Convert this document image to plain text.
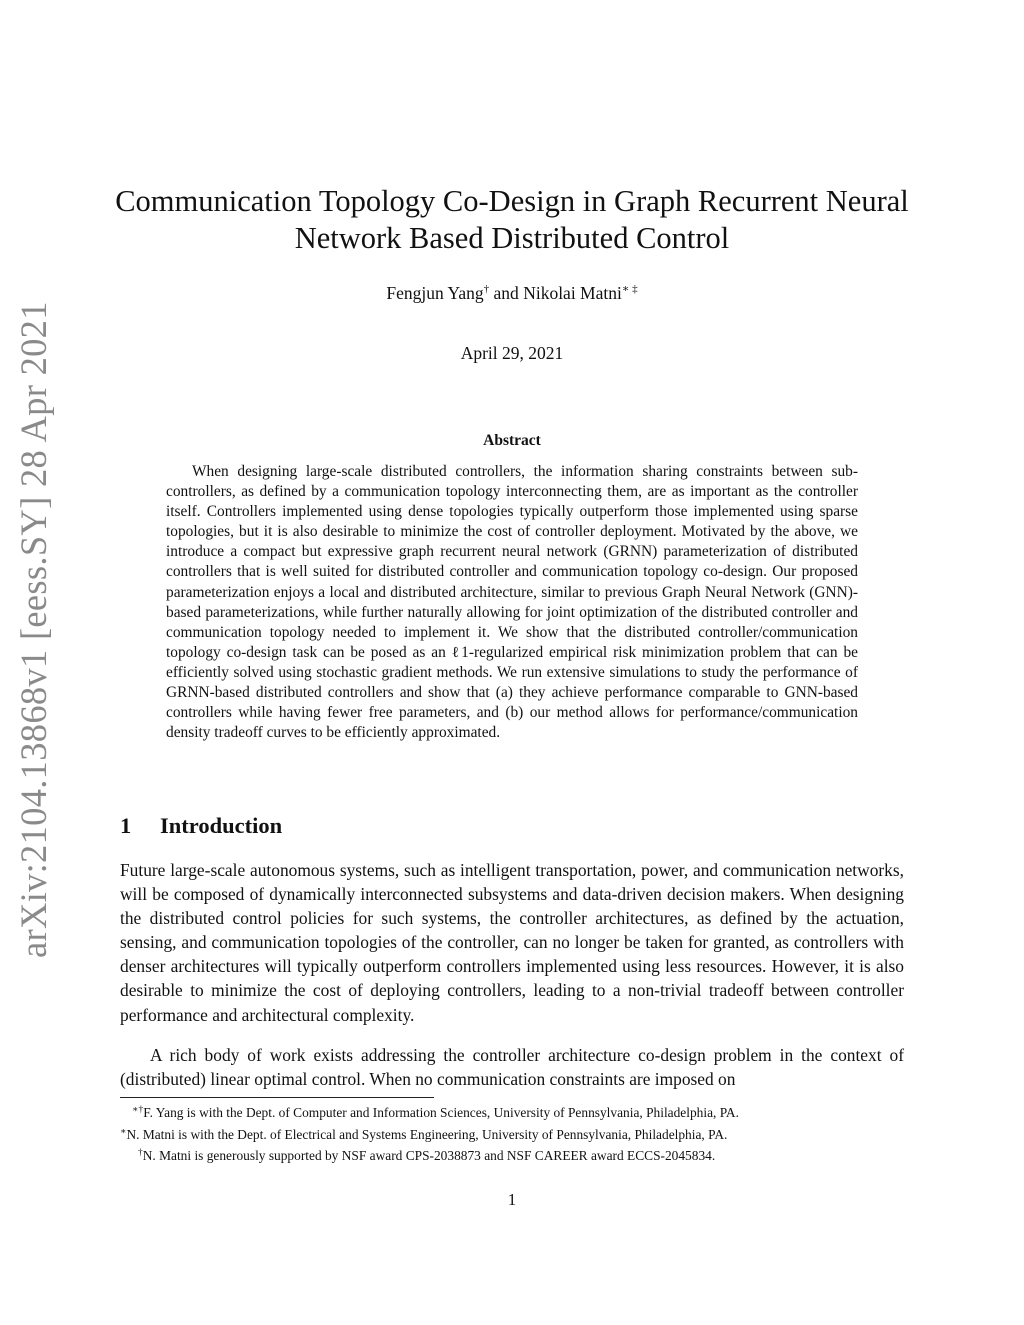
arXiv:2104.13868v1 [eess.SY] 28 Apr 2021
Communication Topology Co-Design in Graph Recurrent Neural Network Based Distributed Control
Fengjun Yang† and Nikolai Matni∗ ‡
April 29, 2021
Abstract

When designing large-scale distributed controllers, the information sharing constraints between sub-controllers, as defined by a communication topology interconnecting them, are as important as the controller itself. Controllers implemented using dense topologies typically outperform those implemented using sparse topologies, but it is also desirable to minimize the cost of controller deployment. Motivated by the above, we introduce a compact but expressive graph recurrent neural network (GRNN) parameterization of distributed controllers that is well suited for distributed controller and communication topology co-design. Our proposed parameterization enjoys a local and distributed architecture, similar to previous Graph Neural Network (GNN)-based parameterizations, while further naturally allowing for joint optimization of the distributed controller and communication topology needed to implement it. We show that the distributed controller/communication topology co-design task can be posed as an ℓ1-regularized empirical risk minimization problem that can be efficiently solved using stochastic gradient methods. We run extensive simulations to study the performance of GRNN-based distributed controllers and show that (a) they achieve performance comparable to GNN-based controllers while having fewer free parameters, and (b) our method allows for performance/communication density tradeoff curves to be efficiently approximated.

1 Introduction

Future large-scale autonomous systems, such as intelligent transportation, power, and communication networks, will be composed of dynamically interconnected subsystems and data-driven decision makers. When designing the distributed control policies for such systems, the controller architectures, as defined by the actuation, sensing, and communication topologies of the controller, can no longer be taken for granted, as controllers with denser architectures will typically outperform controllers implemented using less resources. However, it is also desirable to minimize the cost of deploying controllers, leading to a non-trivial tradeoff between controller performance and architectural complexity.

A rich body of work exists addressing the controller architecture co-design problem in the context of (distributed) linear optimal control. When no communication constraints are imposed on

∗†F. Yang is with the Dept. of Computer and Information Sciences, University of Pennsylvania, Philadelphia, PA.
∗N. Matni is with the Dept. of Electrical and Systems Engineering, University of Pennsylvania, Philadelphia, PA.
†N. Matni is generously supported by NSF award CPS-2038873 and NSF CAREER award ECCS-2045834.
1
